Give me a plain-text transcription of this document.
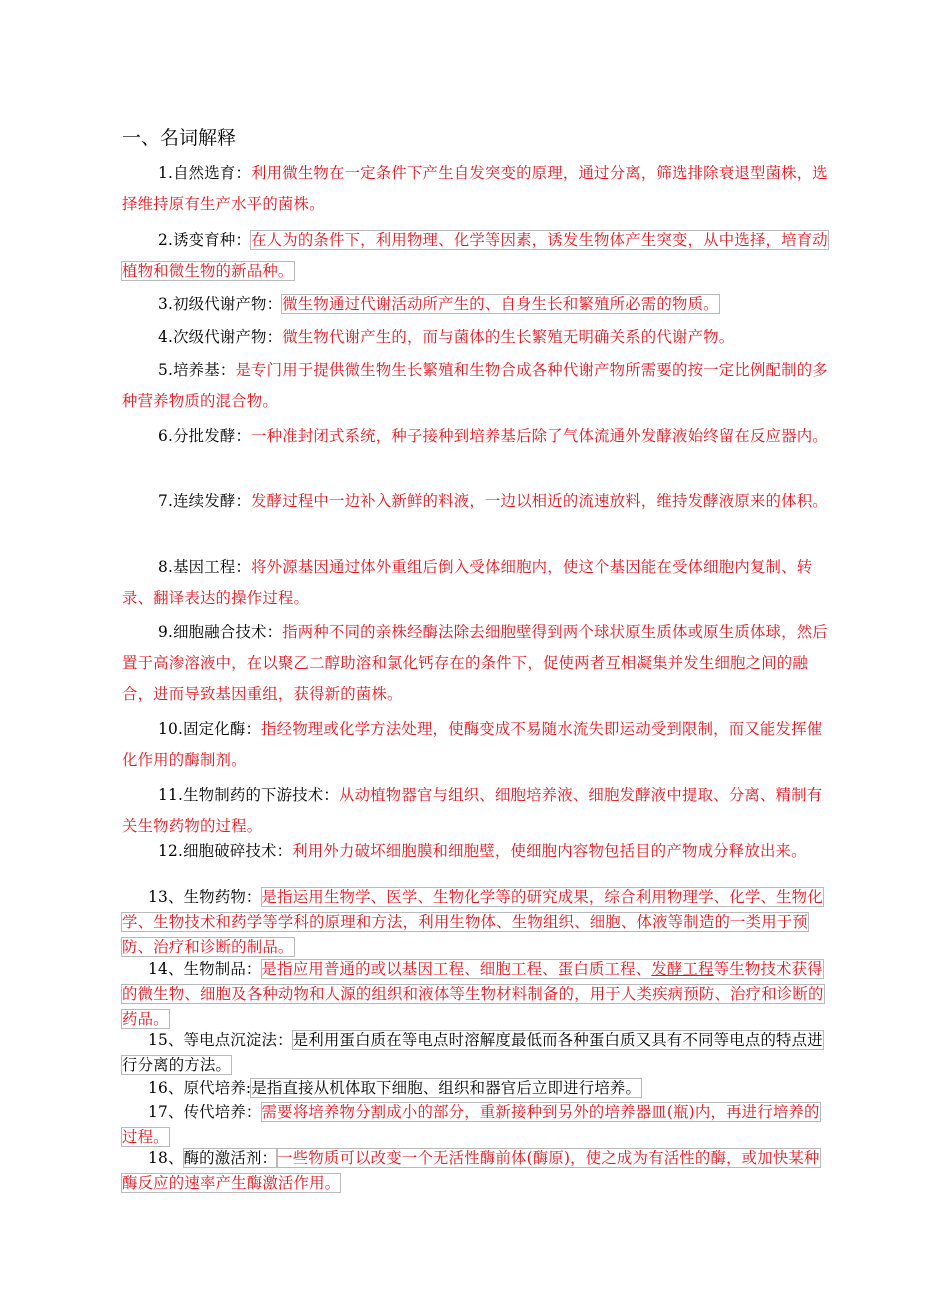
一、名词解释

1.自然选育：利用微生物在一定条件下产生自发突变的原理，通过分离，筛选排除衰退型菌株，选择维持原有生产水平的菌株。

2.诱变育种：在人为的条件下，利用物理、化学等因素，诱发生物体产生突变，从中选择，培育动植物和微生物的新品种。

3.初级代谢产物：微生物通过代谢活动所产生的、自身生长和繁殖所必需的物质。

4.次级代谢产物：微生物代谢产生的，而与菌体的生长繁殖无明确关系的代谢产物。

5.培养基：是专门用于提供微生物生长繁殖和生物合成各种代谢产物所需要的按一定比例配制的多种营养物质的混合物。

6.分批发酵：一种准封闭式系统，种子接种到培养基后除了气体流通外发酵液始终留在反应器内。

7.连续发酵：发酵过程中一边补入新鲜的料液，一边以相近的流速放料，维持发酵液原来的体积。

8.基因工程：将外源基因通过体外重组后倒入受体细胞内，使这个基因能在受体细胞内复制、转录、翻译表达的操作过程。

9.细胞融合技术：指两种不同的亲株经酶法除去细胞壁得到两个球状原生质体或原生质体球，然后置于高渗溶液中，在以聚乙二醇助溶和氯化钙存在的条件下，促使两者互相凝集并发生细胞之间的融合，进而导致基因重组，获得新的菌株。

10.固定化酶：指经物理或化学方法处理，使酶变成不易随水流失即运动受到限制，而又能发挥催化作用的酶制剂。

11.生物制药的下游技术：从动植物器官与组织、细胞培养液、细胞发酵液中提取、分离、精制有关生物药物的过程。

12.细胞破碎技术：利用外力破坏细胞膜和细胞壁，使细胞内容物包括目的产物成分释放出来。

13、生物药物：是指运用生物学、医学、生物化学等的研究成果，综合利用物理学、化学、生物化学、生物技术和药学等学科的原理和方法，利用生物体、生物组织、细胞、体液等制造的一类用于预防、治疗和诊断的制品。

14、生物制品：是指应用普通的或以基因工程、细胞工程、蛋白质工程、发酵工程等生物技术获得的微生物、细胞及各种动物和人源的组织和液体等生物材料制备的，用于人类疾病预防、治疗和诊断的药品。

15、等电点沉淀法：是利用蛋白质在等电点时溶解度最低而各种蛋白质又具有不同等电点的特点进行分离的方法。

16、原代培养:是指直接从机体取下细胞、组织和器官后立即进行培养。

17、传代培养：需要将培养物分割成小的部分，重新接种到另外的培养器皿(瓶)内，再进行培养的过程。

18、酶的激活剂：一些物质可以改变一个无活性酶前体(酶原)，使之成为有活性的酶，或加快某种酶反应的速率产生酶激活作用。
